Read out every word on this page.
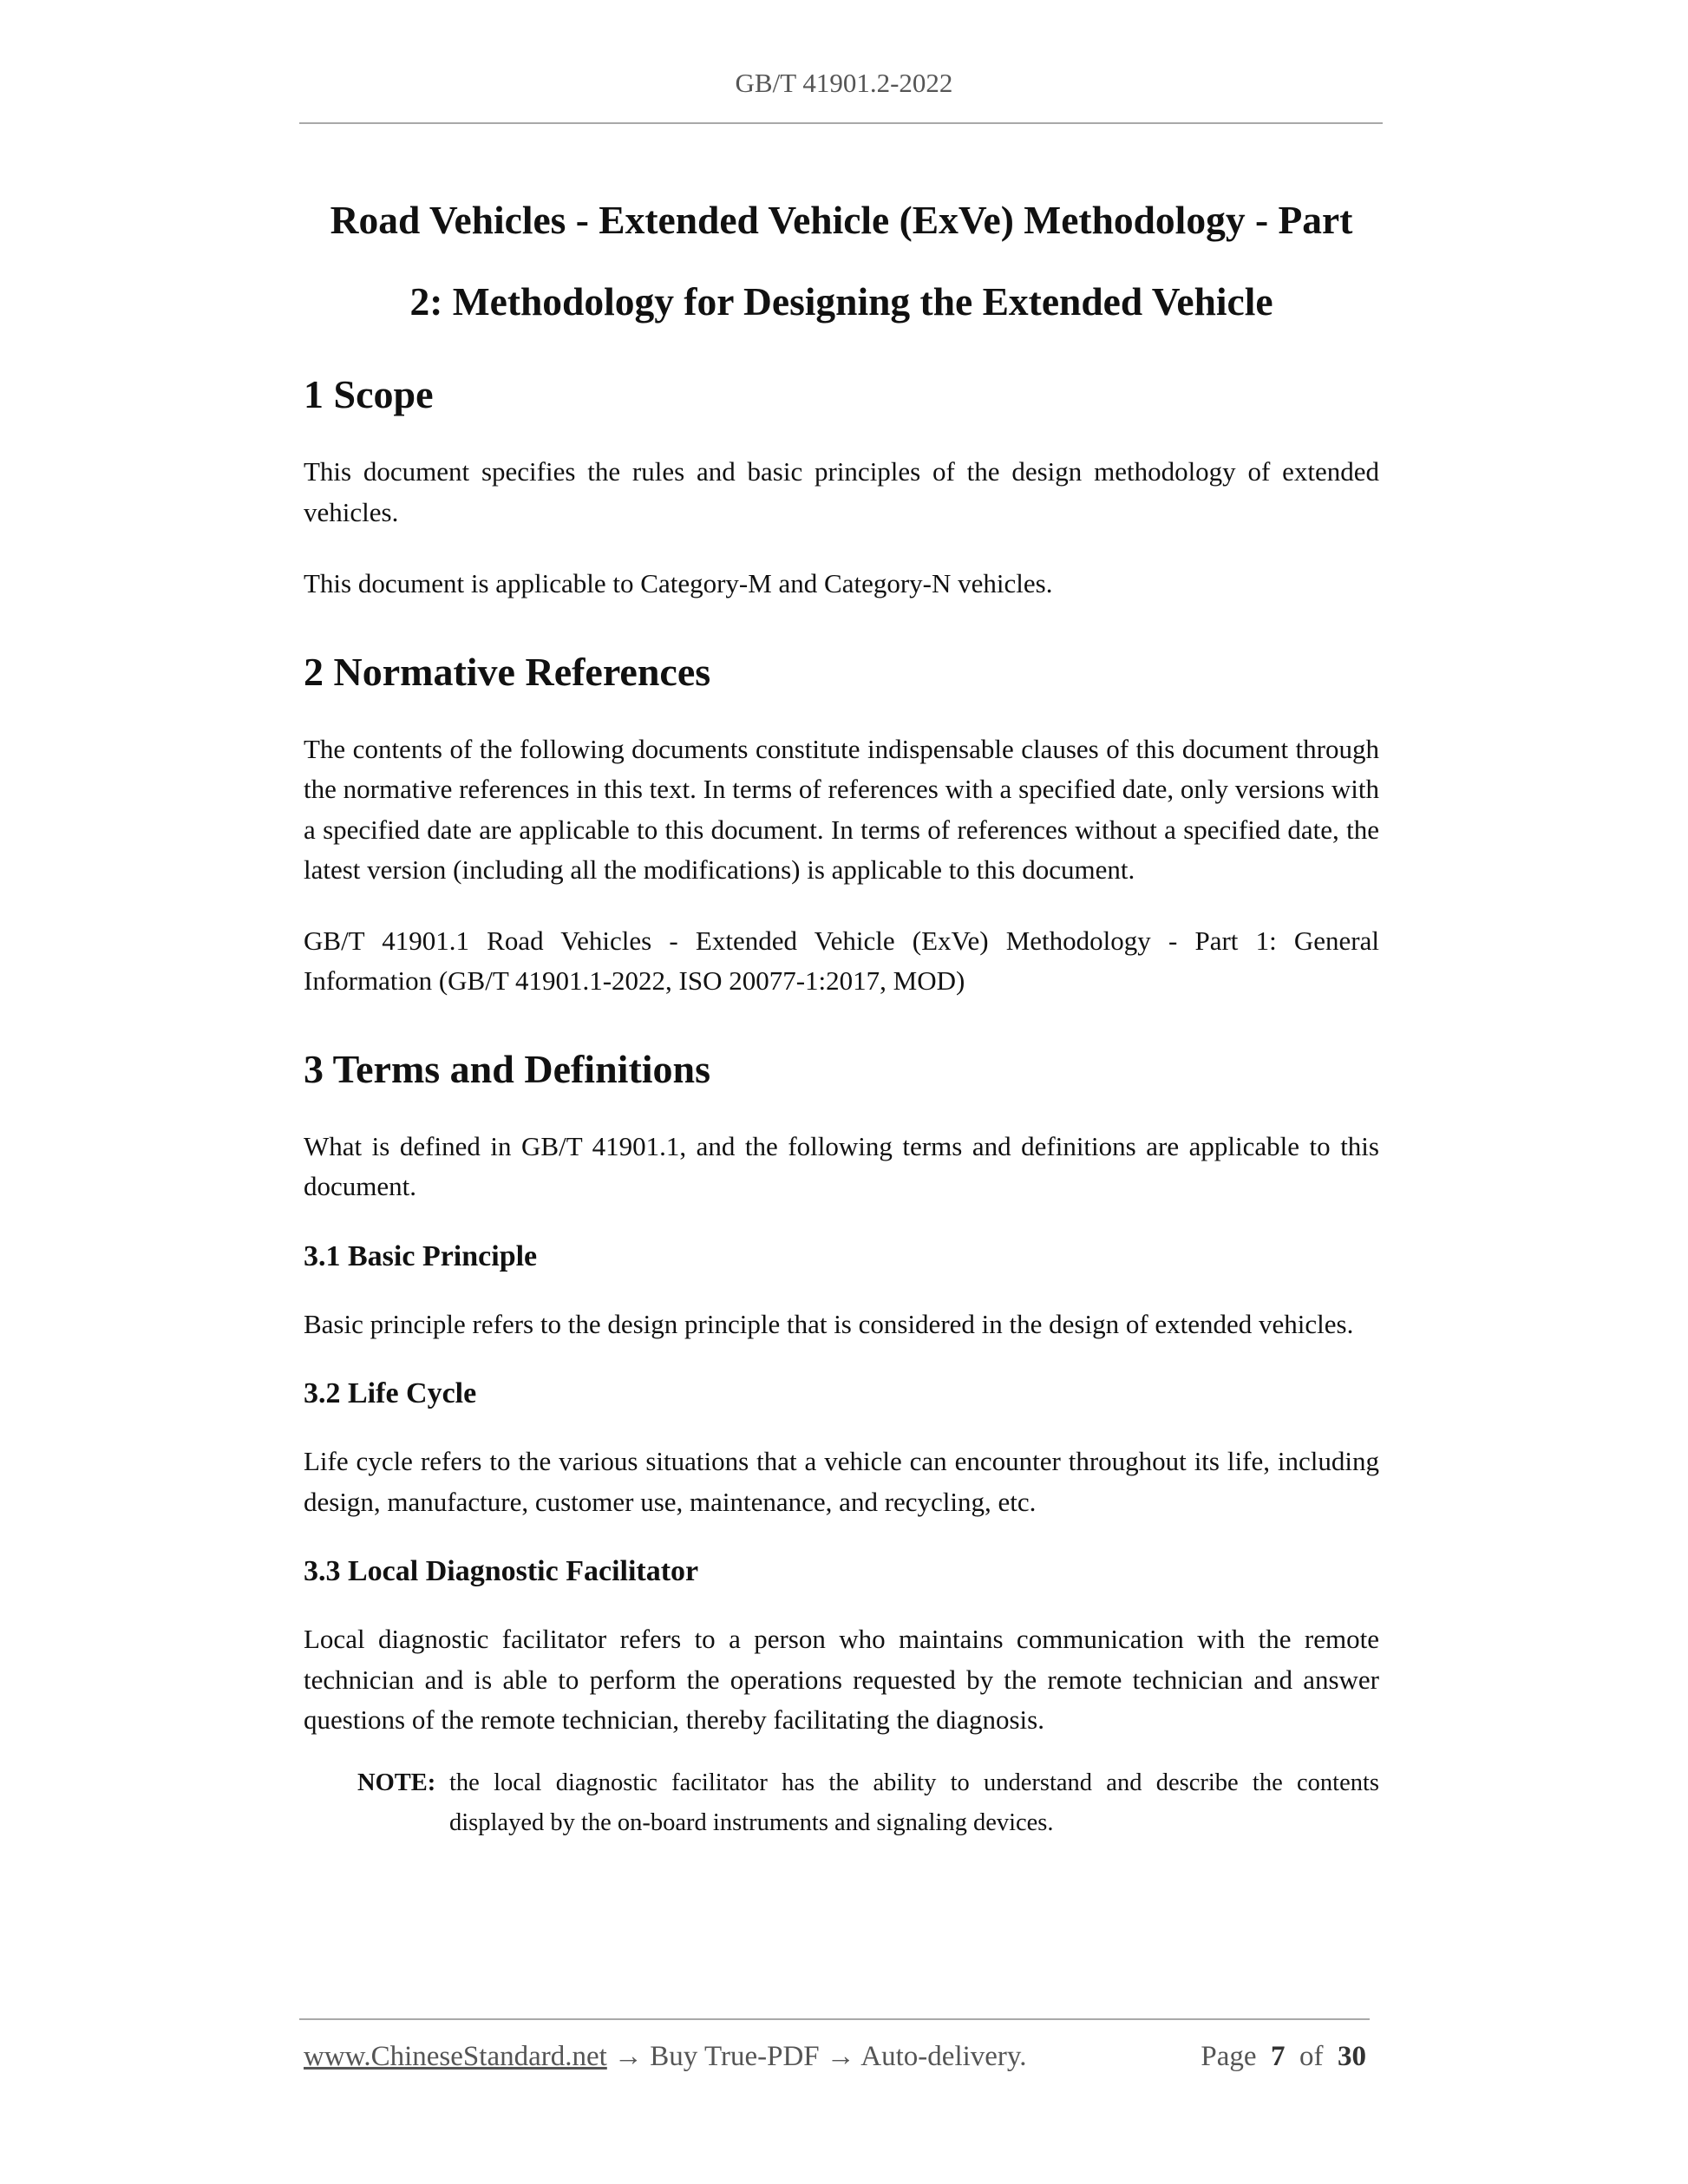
GB/T 41901.2-2022
Road Vehicles - Extended Vehicle (ExVe) Methodology - Part
2: Methodology for Designing the Extended Vehicle
1 Scope

This document specifies the rules and basic principles of the design methodology of extended vehicles.

This document is applicable to Category-M and Category-N vehicles.

2 Normative References

The contents of the following documents constitute indispensable clauses of this document through the normative references in this text. In terms of references with a specified date, only versions with a specified date are applicable to this document. In terms of references without a specified date, the latest version (including all the modifications) is applicable to this document.

GB/T 41901.1 Road Vehicles - Extended Vehicle (ExVe) Methodology - Part 1: General Information (GB/T 41901.1-2022, ISO 20077-1:2017, MOD)

3 Terms and Definitions

What is defined in GB/T 41901.1, and the following terms and definitions are applicable to this document.

3.1 Basic Principle

Basic principle refers to the design principle that is considered in the design of extended vehicles.

3.2 Life Cycle

Life cycle refers to the various situations that a vehicle can encounter throughout its life, including design, manufacture, customer use, maintenance, and recycling, etc.

3.3 Local Diagnostic Facilitator

Local diagnostic facilitator refers to a person who maintains communication with the remote technician and is able to perform the operations requested by the remote technician and answer questions of the remote technician, thereby facilitating the diagnosis.

NOTE: the local diagnostic facilitator has the ability to understand and describe the contents displayed by the on-board instruments and signaling devices.
www.ChineseStandard.net → Buy True-PDF → Auto-delivery.	Page 7 of 30
